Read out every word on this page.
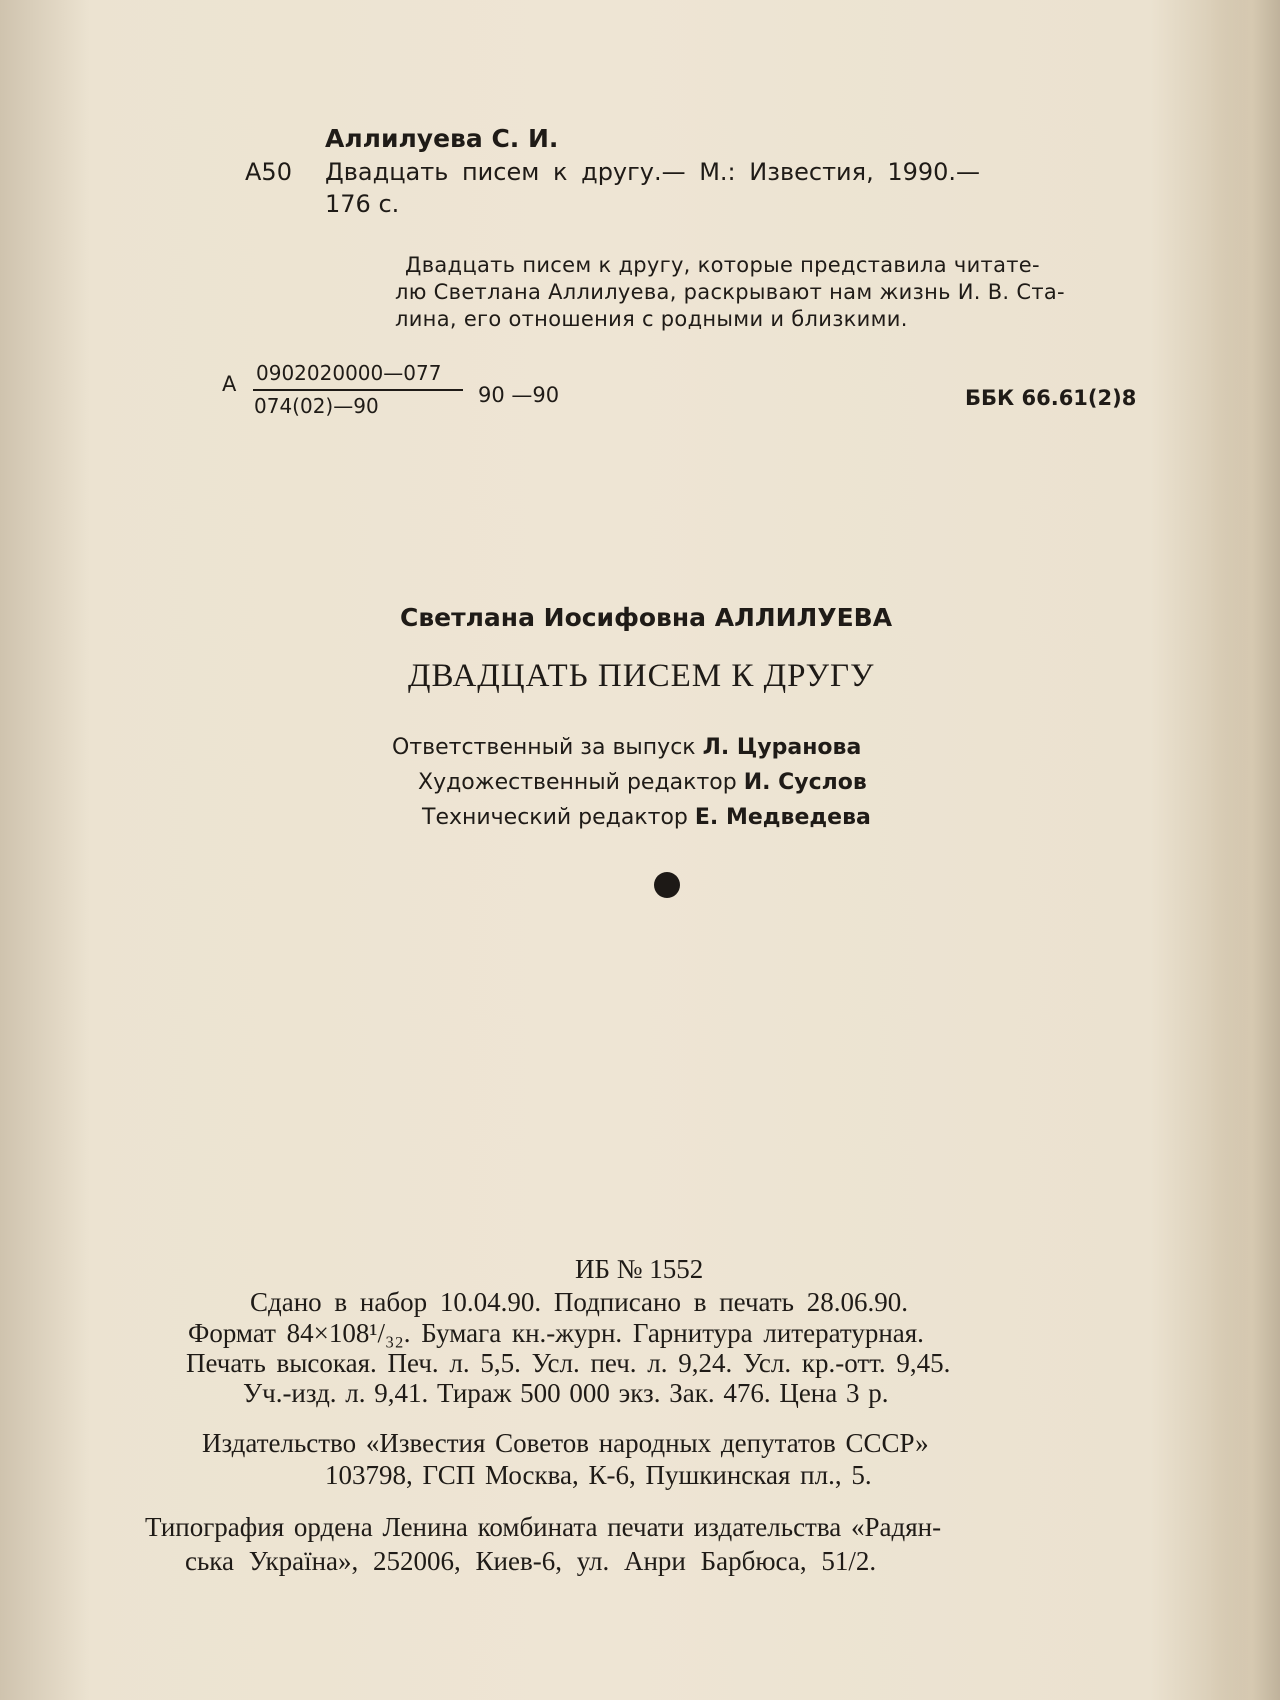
Аллилуева С. И.
А50 Двадцать писем к другу.— М.: Известия, 1990.—
176 с.
Двадцать писем к другу, которые представила читате-
лю Светлана Аллилуева, раскрывают нам жизнь И. В. Ста-
лина, его отношения с родными и близкими.
А 0902020000—077
074(02)—90	90 —90	ББК 66.61(2)8
Светлана Иосифовна АЛЛИЛУЕВА
ДВАДЦАТЬ ПИСЕМ К ДРУГУ
Ответственный за выпуск Л. Цуранова
Художественный редактор И. Суслов
Технический редактор Е. Медведева
ИБ № 1552
Сдано в набор 10.04.90. Подписано в печать 28.06.90.
Формат 84×108¹/₃₂. Бумага кн.-журн. Гарнитура литературная.
Печать высокая. Печ. л. 5,5. Усл. печ. л. 9,24. Усл. кр.-отт. 9,45.
Уч.-изд. л. 9,41. Тираж 500 000 экз. Зак. 476. Цена 3 р.
Издательство «Известия Советов народных депутатов СССР»
103798, ГСП Москва, К-6, Пушкинская пл., 5.
Типография ордена Ленина комбината печати издательства «Радян-
ська Україна», 252006, Киев-6, ул. Анри Барбюса, 51/2.
